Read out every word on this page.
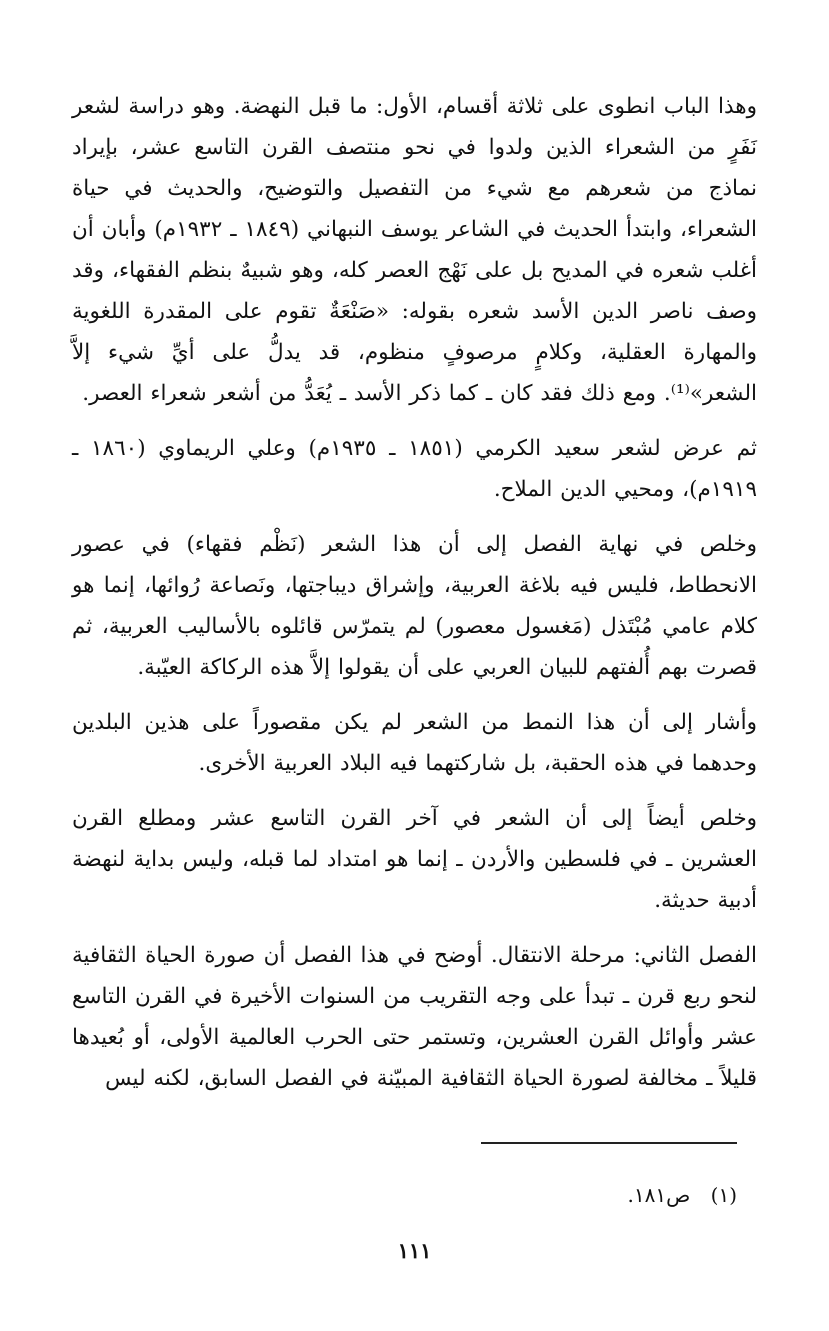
وهذا الباب انطوى على ثلاثة أقسام، الأول: ما قبل النهضة. وهو دراسة لشعر نَفَرٍ من الشعراء الذين ولدوا في نحو منتصف القرن التاسع عشر، بإيراد نماذج من شعرهم مع شيء من التفصيل والتوضيح، والحديث في حياة الشعراء، وابتدأ الحديث في الشاعر يوسف النبهاني (١٨٤٩ ـ ١٩٣٢م) وأبان أن أغلب شعره في المديح بل على نَهْج العصر كله، وهو شبيهٌ بنظم الفقهاء، وقد وصف ناصر الدين الأسد شعره بقوله: «صَنْعَةٌ تقوم على المقدرة اللغوية والمهارة العقلية، وكلامٍ مرصوفٍ منظوم، قد يدلُّ على أيِّ شيء إلاَّ الشعر»⁽¹⁾. ومع ذلك فقد كان ـ كما ذكر الأسد ـ يُعَدُّ من أشعر شعراء العصر.

ثم عرض لشعر سعيد الكرمي (١٨٥١ ـ ١٩٣٥م) وعلي الريماوي (١٨٦٠ ـ ١٩١٩م)، ومحيي الدين الملاح.

وخلص في نهاية الفصل إلى أن هذا الشعر (نَظْم فقهاء) في عصور الانحطاط، فليس فيه بلاغة العربية، وإشراق ديباجتها، ونَصاعة رُوائها، إنما هو كلام عامي مُبْتَذل (مَغسول معصور) لم يتمرّس قائلوه بالأساليب العربية، ثم قصرت بهم أُلفتهم للبيان العربي على أن يقولوا إلاَّ هذه الركاكة العيّبة.

وأشار إلى أن هذا النمط من الشعر لم يكن مقصوراً على هذين البلدين وحدهما في هذه الحقبة، بل شاركتهما فيه البلاد العربية الأخرى.

وخلص أيضاً إلى أن الشعر في آخر القرن التاسع عشر ومطلع القرن العشرين ـ في فلسطين والأردن ـ إنما هو امتداد لما قبله، وليس بداية لنهضة أدبية حديثة.

الفصل الثاني: مرحلة الانتقال. أوضح في هذا الفصل أن صورة الحياة الثقافية لنحو ربع قرن ـ تبدأ على وجه التقريب من السنوات الأخيرة في القرن التاسع عشر وأوائل القرن العشرين، وتستمر حتى الحرب العالمية الأولى، أو بُعيدها قليلاً ـ مخالفة لصورة الحياة الثقافية المبيّنة في الفصل السابق، لكنه ليس

(١) ص١٨١.
١١١
